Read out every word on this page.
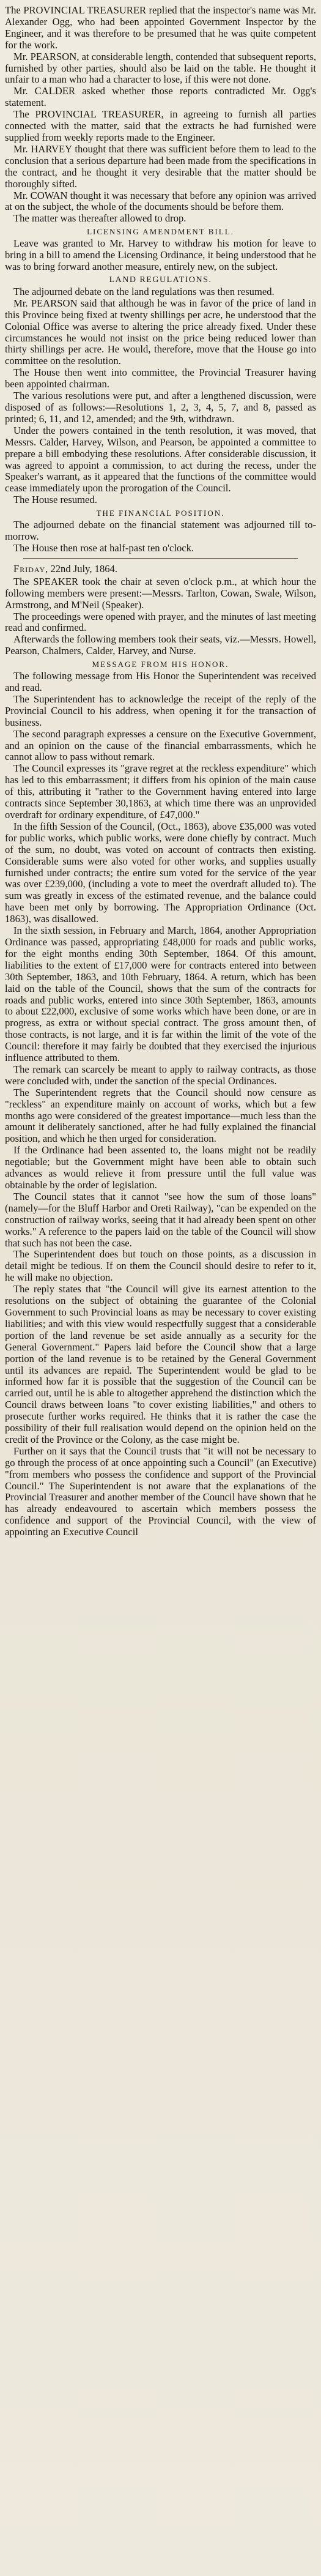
The PROVINCIAL TREASURER replied that the inspector's name was Mr. Alexander Ogg, who had been appointed Government Inspector by the Engineer, and it was therefore to be presumed that he was quite competent for the work.

Mr. PEARSON, at considerable length, contended that subsequent reports, furnished by other parties, should also be laid on the table. He thought it unfair to a man who had a character to lose, if this were not done.

Mr. CALDER asked whether those reports contradicted Mr. Ogg's statement.

The PROVINCIAL TREASURER, in agreeing to furnish all parties connected with the matter, said that the extracts he had furnished were supplied from weekly reports made to the Engineer.

Mr. HARVEY thought that there was sufficient before them to lead to the conclusion that a serious departure had been made from the specifications in the contract, and he thought it very desirable that the matter should be thoroughly sifted.

Mr. COWAN thought it was necessary that before any opinion was arrived at on the subject, the whole of the documents should be before them.

The matter was thereafter allowed to drop.

LICENSING AMENDMENT BILL.

Leave was granted to Mr. Harvey to withdraw his motion for leave to bring in a bill to amend the Licensing Ordinance, it being understood that he was to bring forward another measure, entirely new, on the subject.

LAND REGULATIONS.

The adjourned debate on the land regulations was then resumed.

Mr. PEARSON said that although he was in favor of the price of land in this Province being fixed at twenty shillings per acre, he understood that the Colonial Office was averse to altering the price already fixed. Under these circumstances he would not insist on the price being reduced lower than thirty shillings per acre. He would, therefore, move that the House go into committee on the resolution.

The House then went into committee, the Provincial Treasurer having been appointed chairman.

The various resolutions were put, and after a lengthened discussion, were disposed of as follows:—Resolutions 1, 2, 3, 4, 5, 7, and 8, passed as printed; 6, 11, and 12, amended; and the 9th, withdrawn.

Under the powers contained in the tenth resolution, it was moved, that Messrs. Calder, Harvey, Wilson, and Pearson, be appointed a committee to prepare a bill embodying these resolutions. After considerable discussion, it was agreed to appoint a commission, to act during the recess, under the Speaker's warrant, as it appeared that the functions of the committee would cease immediately upon the prorogation of the Council.

The House resumed.

THE FINANCIAL POSITION.

The adjourned debate on the financial statement was adjourned till to-morrow.

The House then rose at half-past ten o'clock.

Friday, 22nd July, 1864.

The SPEAKER took the chair at seven o'clock p.m., at which hour the following members were present:—Messrs. Tarlton, Cowan, Swale, Wilson, Armstrong, and M'Neil (Speaker).

The proceedings were opened with prayer, and the minutes of last meeting read and confirmed.

Afterwards the following members took their seats, viz.—Messrs. Howell, Pearson, Chalmers, Calder, Harvey, and Nurse.

MESSAGE FROM HIS HONOR.

The following message from His Honor the Superintendent was received and read.

The Superintendent has to acknowledge the receipt of the reply of the Provincial Council to his address, when opening it for the transaction of business.

The second paragraph expresses a censure on the Executive Government, and an opinion on the cause of the financial embarrassments, which he cannot allow to pass without remark.

The Council expresses its "grave regret at the reckless expenditure" which has led to this embarrassment; it differs from his opinion of the main cause of this, attributing it "rather to the Government having entered into large contracts since September 30,1863, at which time there was an unprovided overdraft for ordinary expenditure, of £47,000."

In the fifth Session of the Council, (Oct., 1863), above £35,000 was voted for public works, which public works, were done chiefly by contract. Much of the sum, no doubt, was voted on account of contracts then existing. Considerable sums were also voted for other works, and supplies usually furnished under contracts; the entire sum voted for the service of the year was over £239,000, (including a vote to meet the overdraft alluded to). The sum was greatly in excess of the estimated revenue, and the balance could have been met only by borrowing. The Appropriation Ordinance (Oct. 1863), was disallowed.

In the sixth session, in February and March, 1864, another Appropriation Ordinance was passed, appropriating £48,000 for roads and public works, for the eight months ending 30th September, 1864. Of this amount, liabilities to the extent of £17,000 were for contracts entered into between 30th September, 1863, and 10th February, 1864. A return, which has been laid on the table of the Council, shows that the sum of the contracts for roads and public works, entered into since 30th September, 1863, amounts to about £22,000, exclusive of some works which have been done, or are in progress, as extra or without special contract. The gross amount then, of those contracts, is not large, and it is far within the limit of the vote of the Council: therefore it may fairly be doubted that they exercised the injurious influence attributed to them.

The remark can scarcely be meant to apply to railway contracts, as those were concluded with, under the sanction of the special Ordinances.

The Superintendent regrets that the Council should now censure as "reckless" an expenditure mainly on account of works, which but a few months ago were considered of the greatest importance—much less than the amount it deliberately sanctioned, after he had fully explained the financial position, and which he then urged for consideration.

If the Ordinance had been assented to, the loans might not be readily negotiable; but the Government might have been able to obtain such advances as would relieve it from pressure until the full value was obtainable by the order of legislation.

The Council states that it cannot "see how the sum of those loans" (namely—for the Bluff Harbor and Oreti Railway), "can be expended on the construction of railway works, seeing that it had already been spent on other works." A reference to the papers laid on the table of the Council will show that such has not been the case.

The Superintendent does but touch on those points, as a discussion in detail might be tedious. If on them the Council should desire to refer to it, he will make no objection.

The reply states that "the Council will give its earnest attention to the resolutions on the subject of obtaining the guarantee of the Colonial Government to such Provincial loans as may be necessary to cover existing liabilities; and with this view would respectfully suggest that a considerable portion of the land revenue be set aside annually as a security for the General Government." Papers laid before the Council show that a large portion of the land revenue is to be retained by the General Government until its advances are repaid. The Superintendent would be glad to be informed how far it is possible that the suggestion of the Council can be carried out, until he is able to altogether apprehend the distinction which the Council draws between loans "to cover existing liabilities," and others to prosecute further works required. He thinks that it is rather the case the possibility of their full realisation would depend on the opinion held on the credit of the Province or the Colony, as the case might be.

Further on it says that the Council trusts that "it will not be necessary to go through the process of at once appointing such a Council" (an Executive) "from members who possess the confidence and support of the Provincial Council." The Superintendent is not aware that the explanations of the Provincial Treasurer and another member of the Council have shown that he has already endeavoured to ascertain which members possess the confidence and support of the Provincial Council, with the view of appointing an Executive Council
